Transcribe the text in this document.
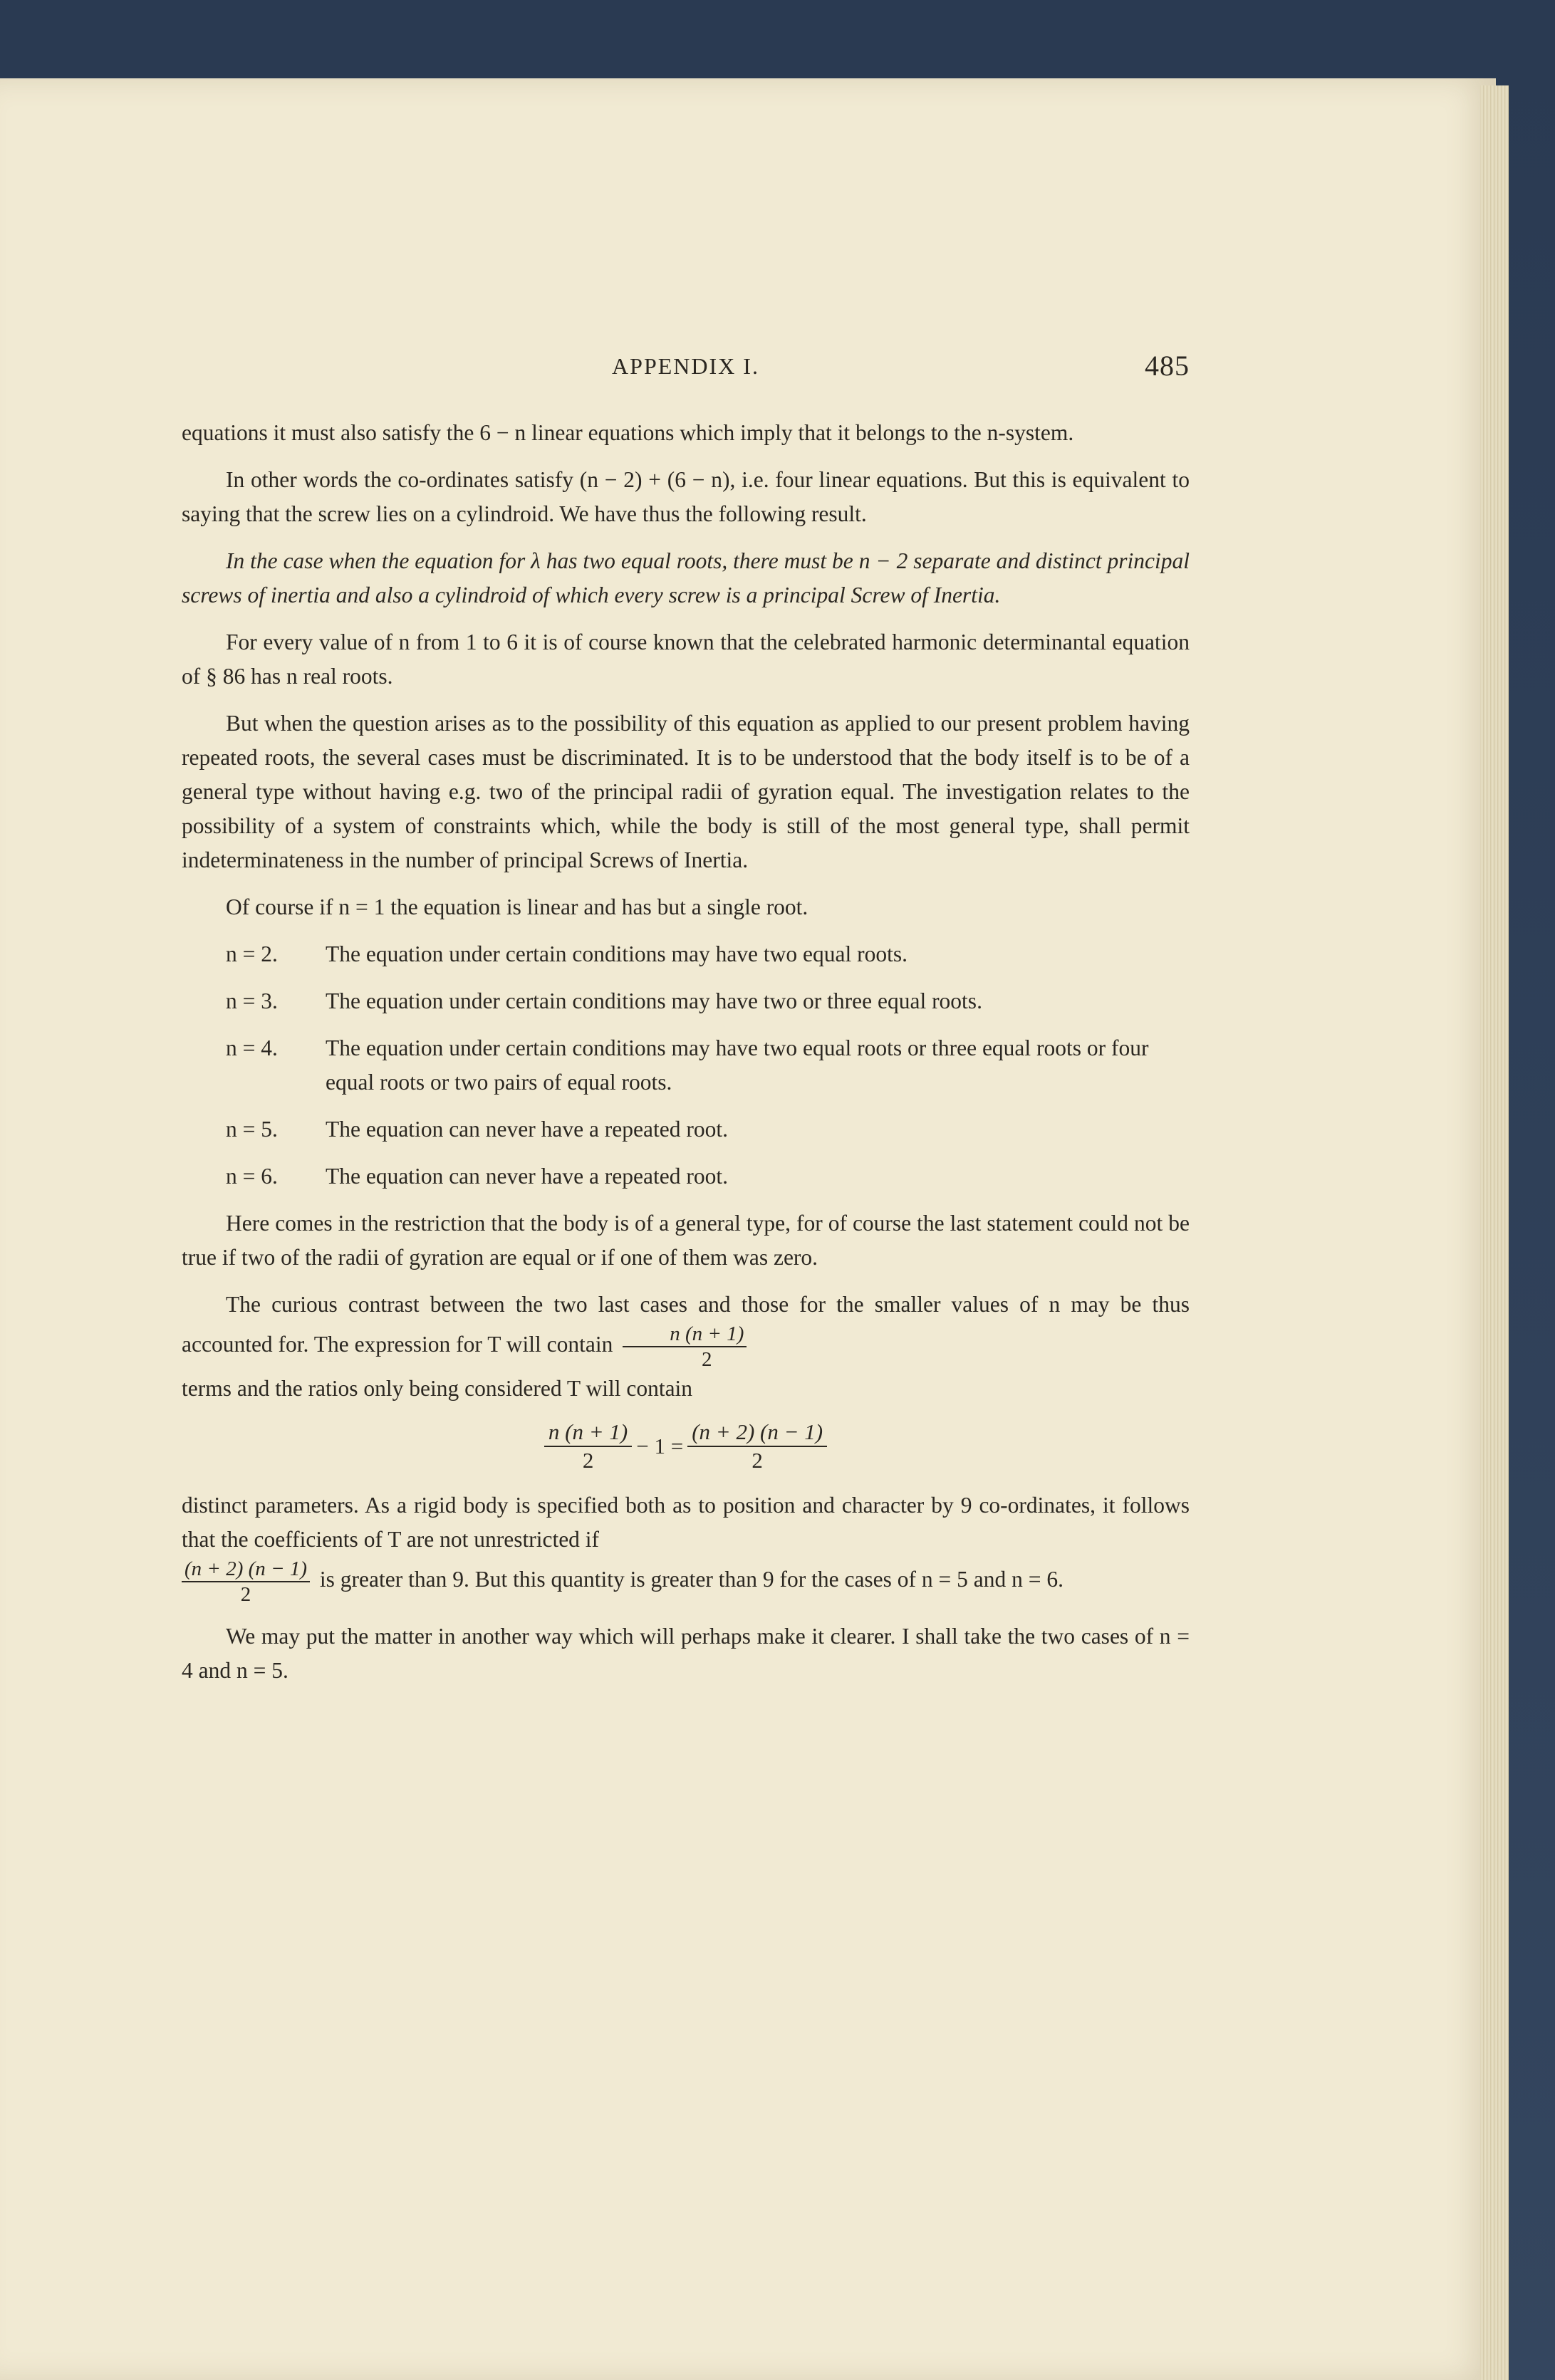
APPENDIX I.	485

equations it must also satisfy the 6 − n linear equations which imply that it belongs to the n-system.

In other words the co-ordinates satisfy (n − 2) + (6 − n), i.e. four linear equations. But this is equivalent to saying that the screw lies on a cylindroid. We have thus the following result.

In the case when the equation for λ has two equal roots, there must be n − 2 separate and distinct principal screws of inertia and also a cylindroid of which every screw is a principal Screw of Inertia.

For every value of n from 1 to 6 it is of course known that the celebrated harmonic determinantal equation of § 86 has n real roots.

But when the question arises as to the possibility of this equation as applied to our present problem having repeated roots, the several cases must be discriminated. It is to be understood that the body itself is to be of a general type without having e.g. two of the principal radii of gyration equal. The investigation relates to the possibility of a system of constraints which, while the body is still of the most general type, shall permit indeterminateness in the number of principal Screws of Inertia.

Of course if n = 1 the equation is linear and has but a single root.

n = 2.	The equation under certain conditions may have two equal roots.
n = 3.	The equation under certain conditions may have two or three equal roots.
n = 4.	The equation under certain conditions may have two equal roots or three equal roots or four equal roots or two pairs of equal roots.
n = 5.	The equation can never have a repeated root.
n = 6.	The equation can never have a repeated root.

Here comes in the restriction that the body is of a general type, for of course the last statement could not be true if two of the radii of gyration are equal or if one of them was zero.

The curious contrast between the two last cases and those for the smaller values of n may be thus accounted for. The expression for T will contain $\frac{n (n + 1)}{2}$

terms and the ratios only being considered T will contain

$\frac{n (n + 1)}{2} - 1 = \frac{(n + 2) (n - 1)}{2}$

distinct parameters. As a rigid body is specified both as to position and character by 9 co-ordinates, it follows that the coefficients of T are not unrestricted if

$\frac{(n + 2) (n - 1)}{2}$ is greater than 9. But this quantity is greater than 9 for the cases of n = 5 and n = 6.

We may put the matter in another way which will perhaps make it clearer. I shall take the two cases of n = 4 and n = 5.
